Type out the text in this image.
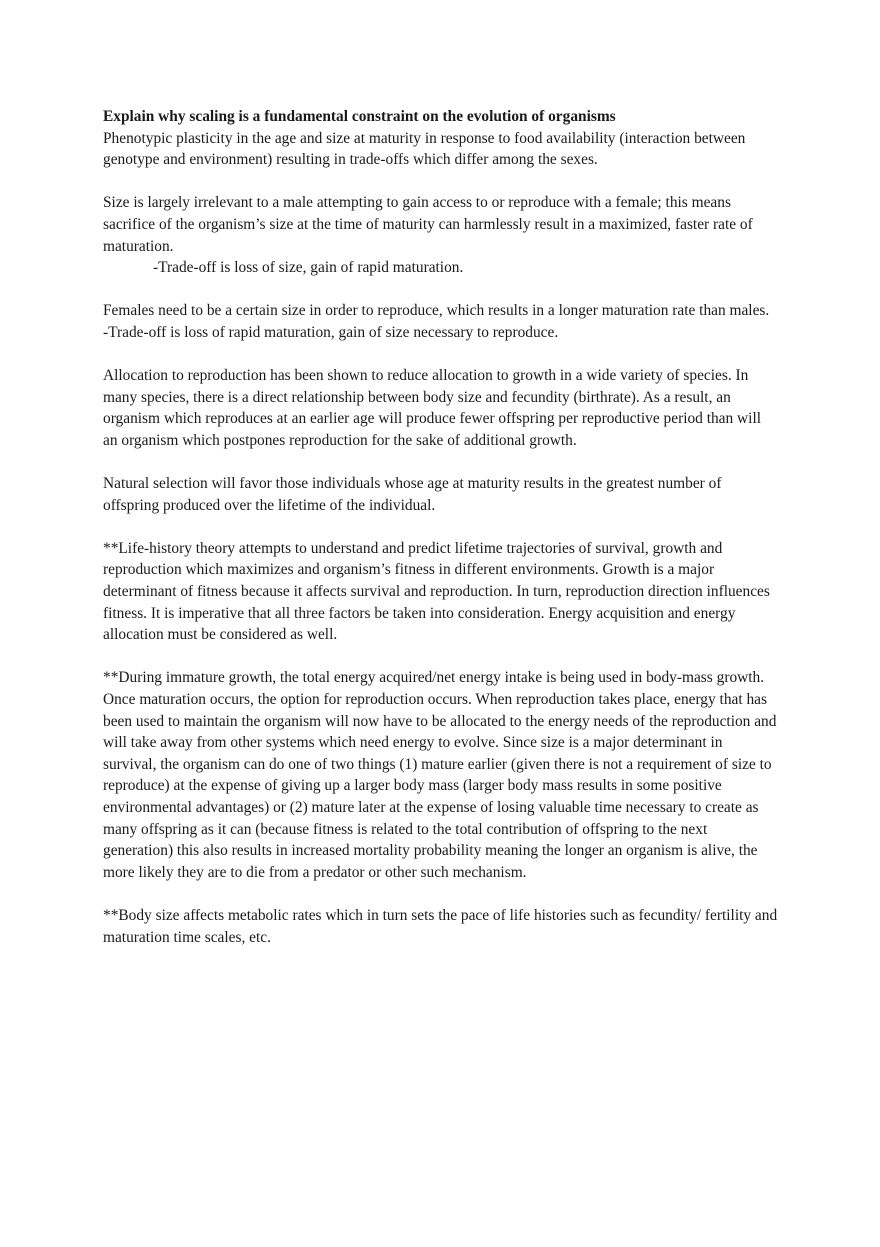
Explain why scaling is a fundamental constraint on the evolution of organisms

Phenotypic plasticity in the age and size at maturity in response to food availability (interaction between genotype and environment) resulting in trade-offs which differ among the sexes.

Size is largely irrelevant to a male attempting to gain access to or reproduce with a female; this means sacrifice of the organism’s size at the time of maturity can harmlessly result in a maximized, faster rate of maturation.

-Trade-off is loss of size, gain of rapid maturation.

Females need to be a certain size in order to reproduce, which results in a longer maturation rate than males.

-Trade-off is loss of rapid maturation, gain of size necessary to reproduce.

Allocation to reproduction has been shown to reduce allocation to growth in a wide variety of species. In many species, there is a direct relationship between body size and fecundity (birthrate). As a result, an organism which reproduces at an earlier age will produce fewer offspring per reproductive period than will an organism which postpones reproduction for the sake of additional growth.

Natural selection will favor those individuals whose age at maturity results in the greatest number of offspring produced over the lifetime of the individual.

**Life-history theory attempts to understand and predict lifetime trajectories of survival, growth and reproduction which maximizes and organism’s fitness in different environments. Growth is a major determinant of fitness because it affects survival and reproduction. In turn, reproduction direction influences fitness. It is imperative that all three factors be taken into consideration. Energy acquisition and energy allocation must be considered as well.

**During immature growth, the total energy acquired/net energy intake is being used in body-mass growth. Once maturation occurs, the option for reproduction occurs. When reproduction takes place, energy that has been used to maintain the organism will now have to be allocated to the energy needs of the reproduction and will take away from other systems which need energy to evolve. Since size is a major determinant in survival, the organism can do one of two things (1) mature earlier (given there is not a requirement of size to reproduce) at the expense of giving up a larger body mass (larger body mass results in some positive environmental advantages) or (2) mature later at the expense of losing valuable time necessary to create as many offspring as it can (because fitness is related to the total contribution of offspring to the next generation) this also results in increased mortality probability meaning the longer an organism is alive, the more likely they are to die from a predator or other such mechanism.

**Body size affects metabolic rates which in turn sets the pace of life histories such as fecundity/ fertility and maturation time scales, etc.
